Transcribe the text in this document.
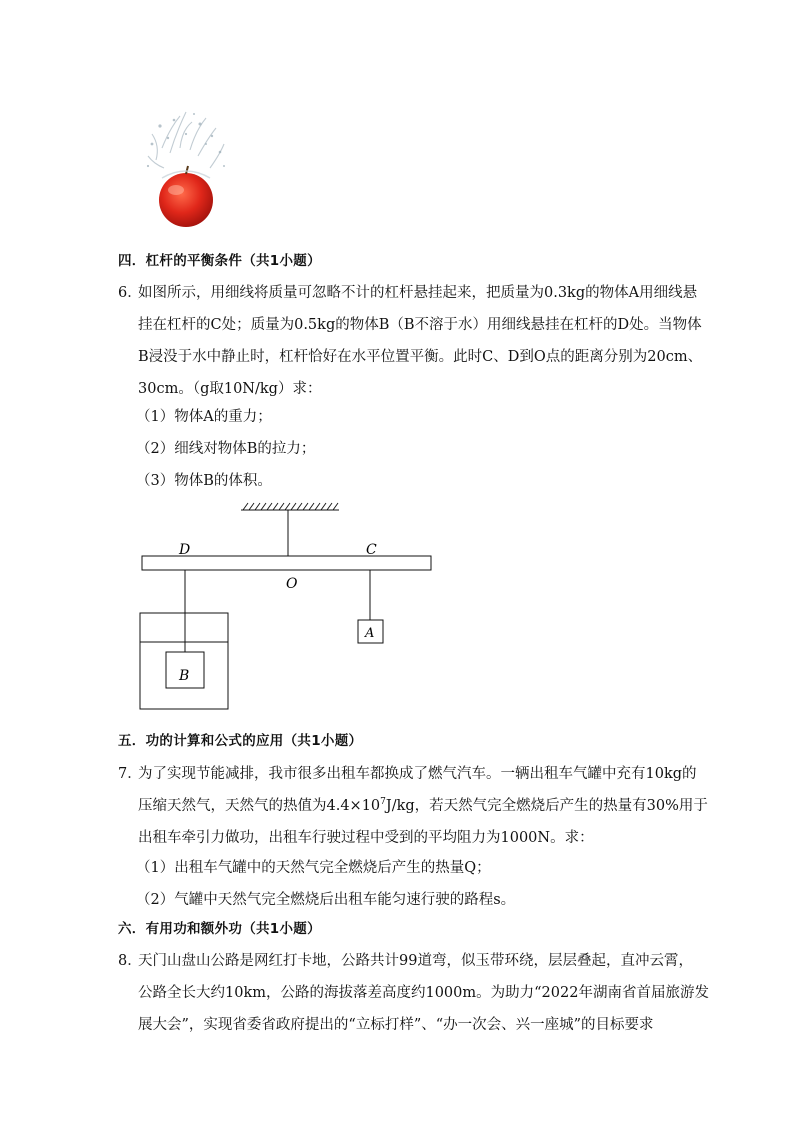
四．杠杆的平衡条件（共1小题）
6．
如图所示，用细线将质量可忽略不计的杠杆悬挂起来，把质量为0.3kg的物体A用细线悬
挂在杠杆的C处；质量为0.5kg的物体B（B不溶于水）用细线悬挂在杠杆的D处。当物体
B浸没于水中静止时，杠杆恰好在水平位置平衡。此时C、D到O点的距离分别为20cm、
30cm。（g取10N/kg）求：
（1）物体A的重力；
（2）细线对物体B的拉力；
（3）物体B的体积。
D	C
O
A
B
五．功的计算和公式的应用（共1小题）
7．
为了实现节能减排，我市很多出租车都换成了燃气汽车。一辆出租车气罐中充有10kg的
压缩天然气，天然气的热值为$4.4\times 10^7J/kg$，若天然气完全燃烧后产生的热量有30%用于
出租车牵引力做功，出租车行驶过程中受到的平均阻力为1000N。求：
（1）出租车气罐中的天然气完全燃烧后产生的热量Q；
（2）气罐中天然气完全燃烧后出租车能匀速行驶的路程s。
六．有用功和额外功（共1小题）
8．
天门山盘山公路是网红打卡地，公路共计99道弯，似玉带环绕，层层叠起，直冲云霄，
公路全长大约10km，公路的海拔落差高度约1000m。为助力“2022年湖南省首届旅游发
展大会”，实现省委省政府提出的“立标打样”、“办一次会、兴一座城”的目标要求
